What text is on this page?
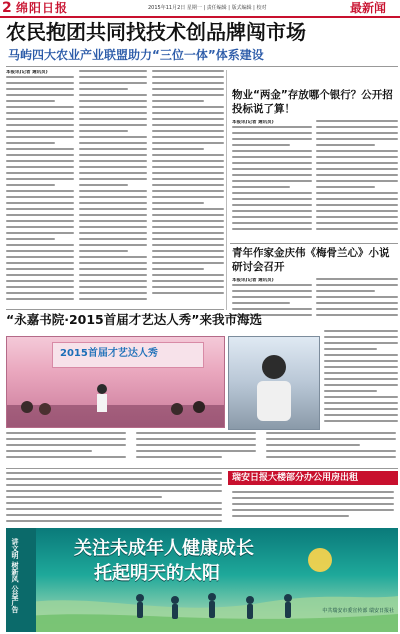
2 绵阳日报	2015年11月2日 星期一 | 责任编辑 | 版式编辑 | 校对	最新闻
农民抱团共同找技术创品牌闯市场
马屿四大农业产业联盟助力“三位一体”体系建设
本报讯(记者 通讯员)
物业“两金”存放哪个银行？公开招投标说了算！
本报讯(记者 通讯员)
青年作家金庆伟《梅骨兰心》小说研讨会召开
本报讯(记者 通讯员)
“永嘉书院·2015首届才艺达人秀”来我市海选
2015首届才艺达人秀
瑞安日报大楼部分办公用房出租
讲文明 树新风 公益广告	关注未成年人健康成长
托起明天的太阳
中共瑞安市委宣传部 瑞安日报社
